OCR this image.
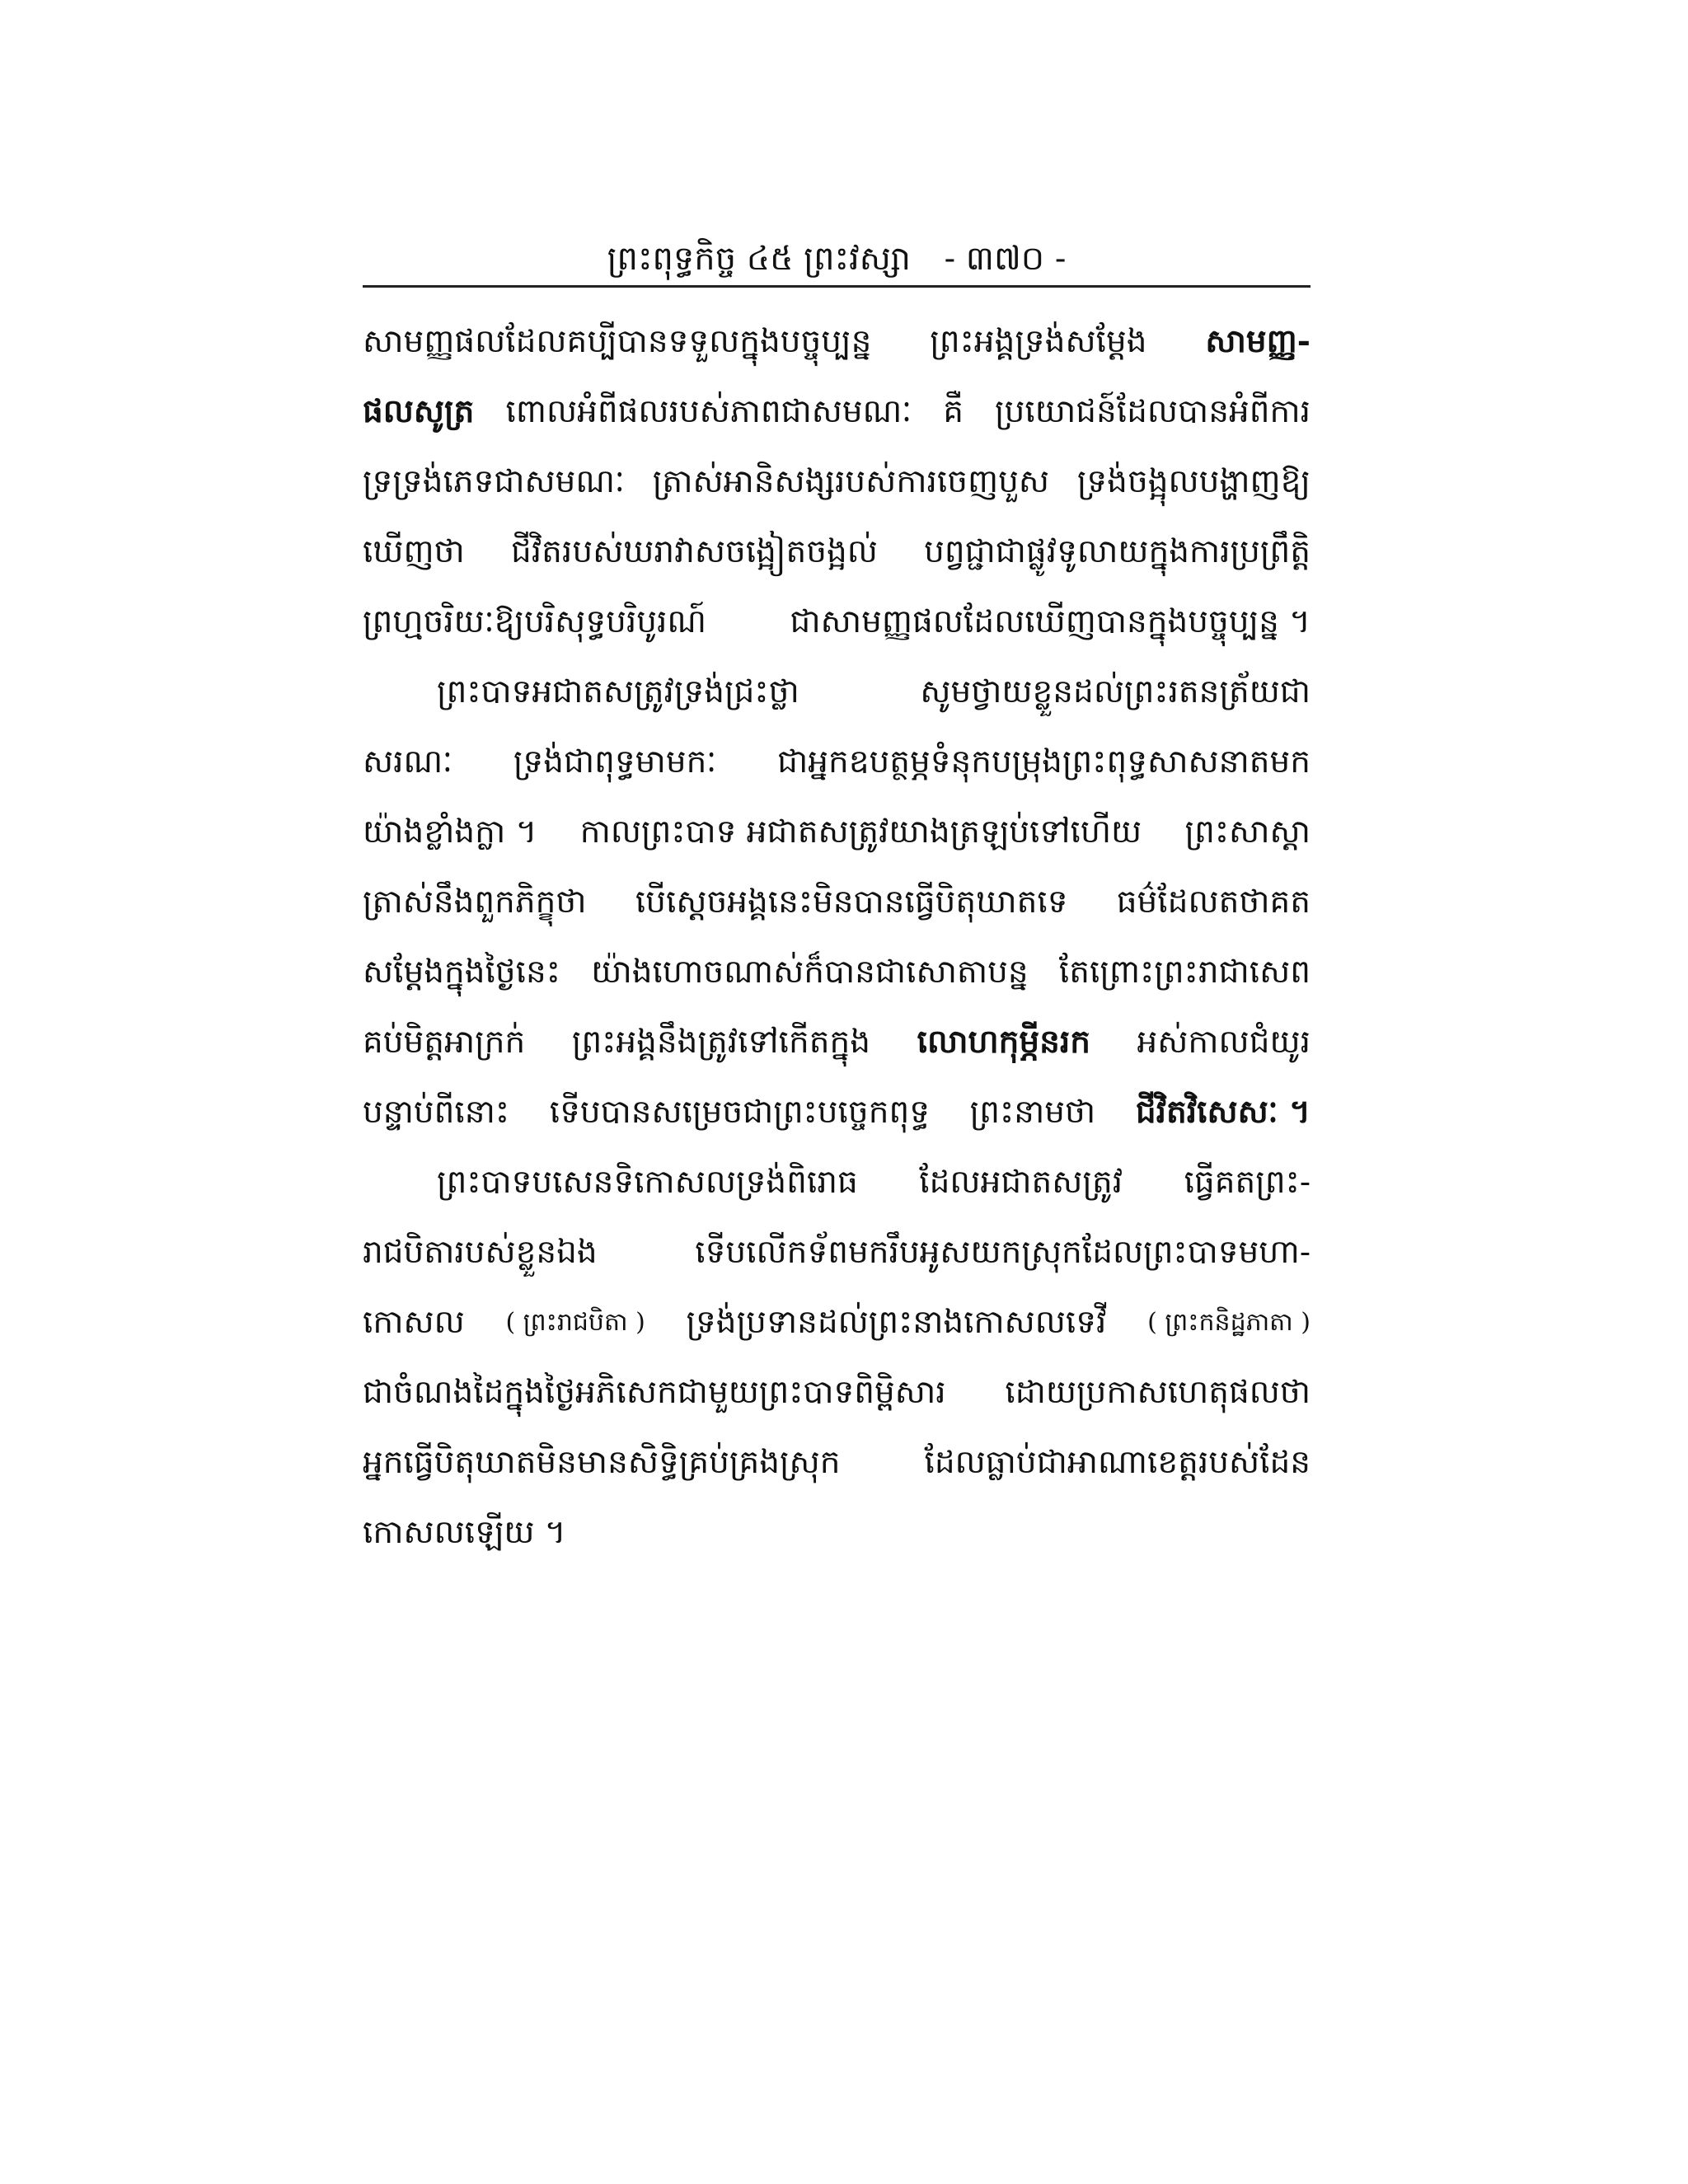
ព្រះពុទ្ធកិច្ច ៤៥ ព្រះវស្សា - ៣៧០ -
សាមញ្ញផលដែលគប្បីបានទទួលក្នុងបច្ចុប្បន្ន ព្រះអង្គទ្រង់សម្ដែង សាមញ្ញ-
ផលសូត្រ ពោលអំពីផលរបស់ភាពជាសមណៈ គឺ ប្រយោជន៍ដែលបានអំពីការ
ទ្រទ្រង់ភេទជាសមណៈ ត្រាស់អានិសង្សរបស់ការចេញបួស ទ្រង់ចង្អុលបង្ហាញឱ្យ
ឃើញថា ជីវិតរបស់ឃរាវាសចង្អៀតចង្អល់ បព្វជ្ជាជាផ្លូវទូលាយក្នុងការប្រព្រឹត្តិ
ព្រហ្មចរិយៈឱ្យបរិសុទ្ធបរិបូរណ៍	ជាសាមញ្ញផលដែលឃើញបានក្នុងបច្ចុប្បន្ន ។
ព្រះបាទអជាតសត្រូវទ្រង់ជ្រះថ្លា	សូមថ្វាយខ្លួនដល់ព្រះរតនត្រ័យជា
សរណៈ ទ្រង់ជាពុទ្ធមាមកៈ ជាអ្នកឧបត្ថម្ភទំនុកបម្រុងព្រះពុទ្ធសាសនាតមក
យ៉ាងខ្លាំងក្លា ។ កាលព្រះបាទ អជាតសត្រូវយាងត្រឡប់ទៅហើយ ព្រះសាស្ដា
ត្រាស់នឹងពួកភិក្ខុថា បើស្ដេចអង្គនេះមិនបានធ្វើបិតុឃាតទេ ធម៌ដែលតថាគត
សម្ដែងក្នុងថ្ងៃនេះ យ៉ាងហោចណាស់ក៏បានជាសោតាបន្ន តែព្រោះព្រះរាជាសេព
គប់មិត្តអាក្រក់ ព្រះអង្គនឹងត្រូវទៅកើតក្នុង លោហកុម្ភីនរក អស់កាលជំយូរ
បន្ទាប់ពីនោះ ទើបបានសម្រេចជាព្រះបច្ចេកពុទ្ធ ព្រះនាមថា ជីវិតវិសេសៈ ។
ព្រះបាទបសេនទិកោសលទ្រង់ពិរោធ ដែលអជាតសត្រូវ ធ្វើគតព្រះ-
រាជបិតារបស់ខ្លួនឯង	ទើបលើកទ័ពមករឹបអូសយកស្រុកដែលព្រះបាទមហា-
កោសល ( ព្រះរាជបិតា ) ទ្រង់ប្រទានដល់ព្រះនាងកោសលទេវី ( ព្រះកនិដ្ឋភាតា )
ជាចំណងដៃក្នុងថ្ងៃអភិសេកជាមួយព្រះបាទពិម្ពិសារ ដោយប្រកាសហេតុផលថា
អ្នកធ្វើបិតុឃាតមិនមានសិទ្ធិគ្រប់គ្រងស្រុក	ដែលធ្លាប់ជាអាណាខេត្តរបស់ដែន
កោសលឡើយ ។
